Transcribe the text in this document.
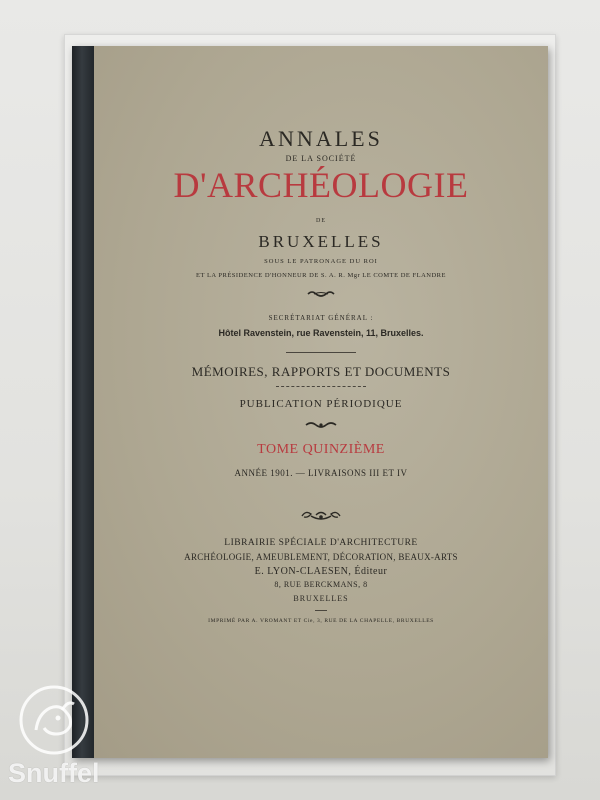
ANNALES
DE LA SOCIÉTÉ
D'ARCHÉOLOGIE
DE
BRUXELLES
SOUS LE PATRONAGE DU ROI
ET LA PRÉSIDENCE D'HONNEUR DE S. A. R. Mgr LE COMTE DE FLANDRE
SECRÉTARIAT GÉNÉRAL :
Hôtel Ravenstein, rue Ravenstein, 11, Bruxelles.
MÉMOIRES, RAPPORTS ET DOCUMENTS
PUBLICATION PÉRIODIQUE
TOME QUINZIÈME
ANNÉE 1901. — LIVRAISONS III ET IV
LIBRAIRIE SPÉCIALE D'ARCHITECTURE
ARCHÉOLOGIE, AMEUBLEMENT, DÉCORATION, BEAUX-ARTS
E. LYON-CLAESEN, Éditeur
8, RUE BERCKMANS, 8
BRUXELLES
IMPRIMÉ PAR A. VROMANT ET Cie, 3, RUE DE LA CHAPELLE, BRUXELLES
Snuffel
